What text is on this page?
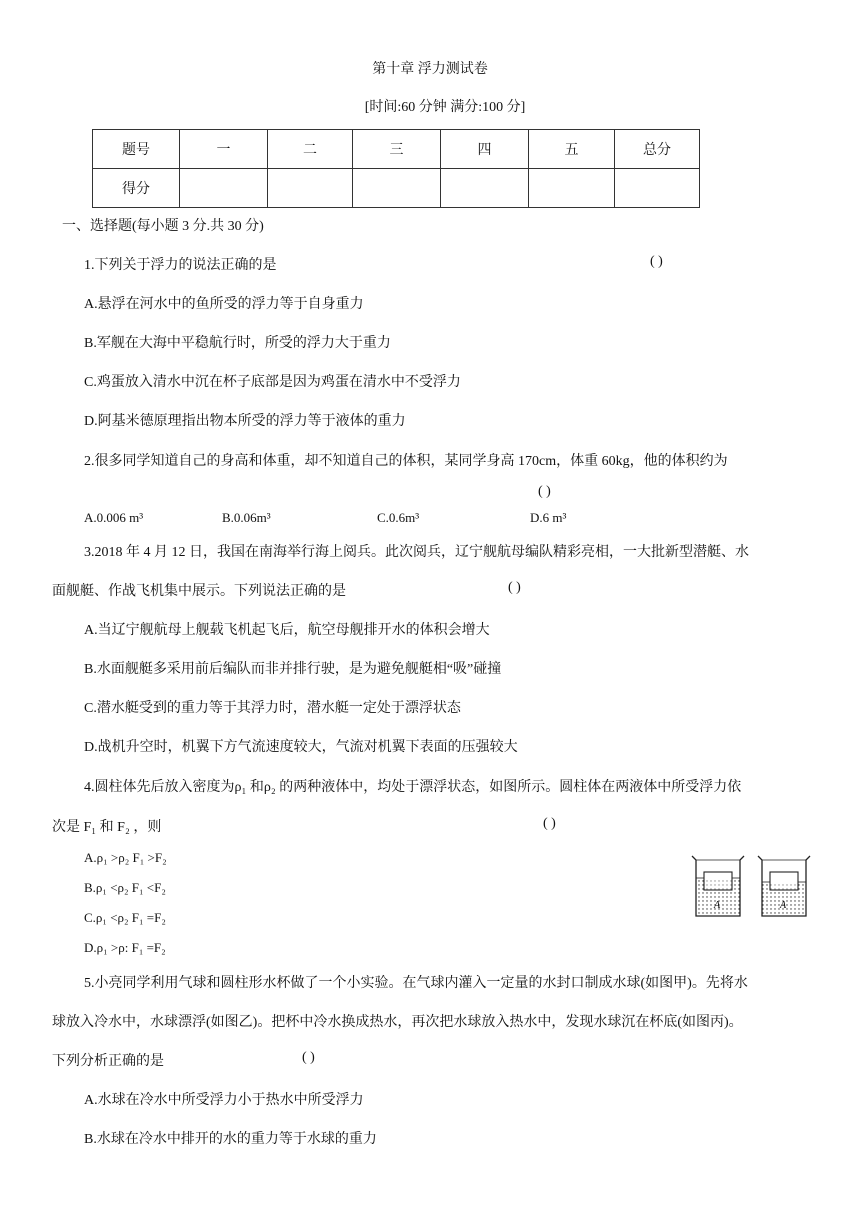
第十章 浮力测试卷
[时间:60 分钟 满分:100 分]
题号	一	二	三	四	五	总分
得分						
一、选择题(每小题 3 分.共 30 分)
1.下列关于浮力的说法正确的是	( )
A.悬浮在河水中的鱼所受的浮力等于自身重力
B.军舰在大海中平稳航行时，所受的浮力大于重力
C.鸡蛋放入清水中沉在杯子底部是因为鸡蛋在清水中不受浮力
D.阿基米德原理指出物本所受的浮力等于液体的重力
2.很多同学知道自己的身高和体重，却不知道自己的体积，某同学身高 170cm，体重 60kg，他的体积约为
( )
A.0.006 m³	B.0.06m³	C.0.6m³	D.6 m³
3.2018 年 4 月 12 日，我国在南海举行海上阅兵。此次阅兵，辽宁舰航母编队精彩亮相，一大批新型潜艇、水
面舰艇、作战飞机集中展示。下列说法正确的是	( )
A.当辽宁舰航母上舰载飞机起飞后，航空母舰排开水的体积会增大
B.水面舰艇多采用前后编队而非并排行驶，是为避免舰艇相“吸”碰撞
C.潜水艇受到的重力等于其浮力时，潜水艇一定处于漂浮状态
D.战机升空时，机翼下方气流速度较大，气流对机翼下表面的压强较大
4.圆柱体先后放入密度为ρ₁ 和ρ₂ 的两种液体中，均处于漂浮状态，如图所示。圆柱体在两液体中所受浮力依
次是 F₁ 和 F₂ ，则	( )
A.ρ₁ >ρ₂ F₁ >F₂
B.ρ₁ <ρ₂ F₁ <F₂
C.ρ₁ <ρ₂ F₁ =F₂
D.ρ₁ >ρ: F₁ =F₂
A	A
5.小亮同学利用气球和圆柱形水杯做了一个小实验。在气球内灌入一定量的水封口制成水球(如图甲)。先将水
球放入冷水中，水球漂浮(如图乙)。把杯中冷水换成热水，再次把水球放入热水中，发现水球沉在杯底(如图丙)。
下列分析正确的是	( )
A.水球在冷水中所受浮力小于热水中所受浮力
B.水球在冷水中排开的水的重力等于水球的重力
